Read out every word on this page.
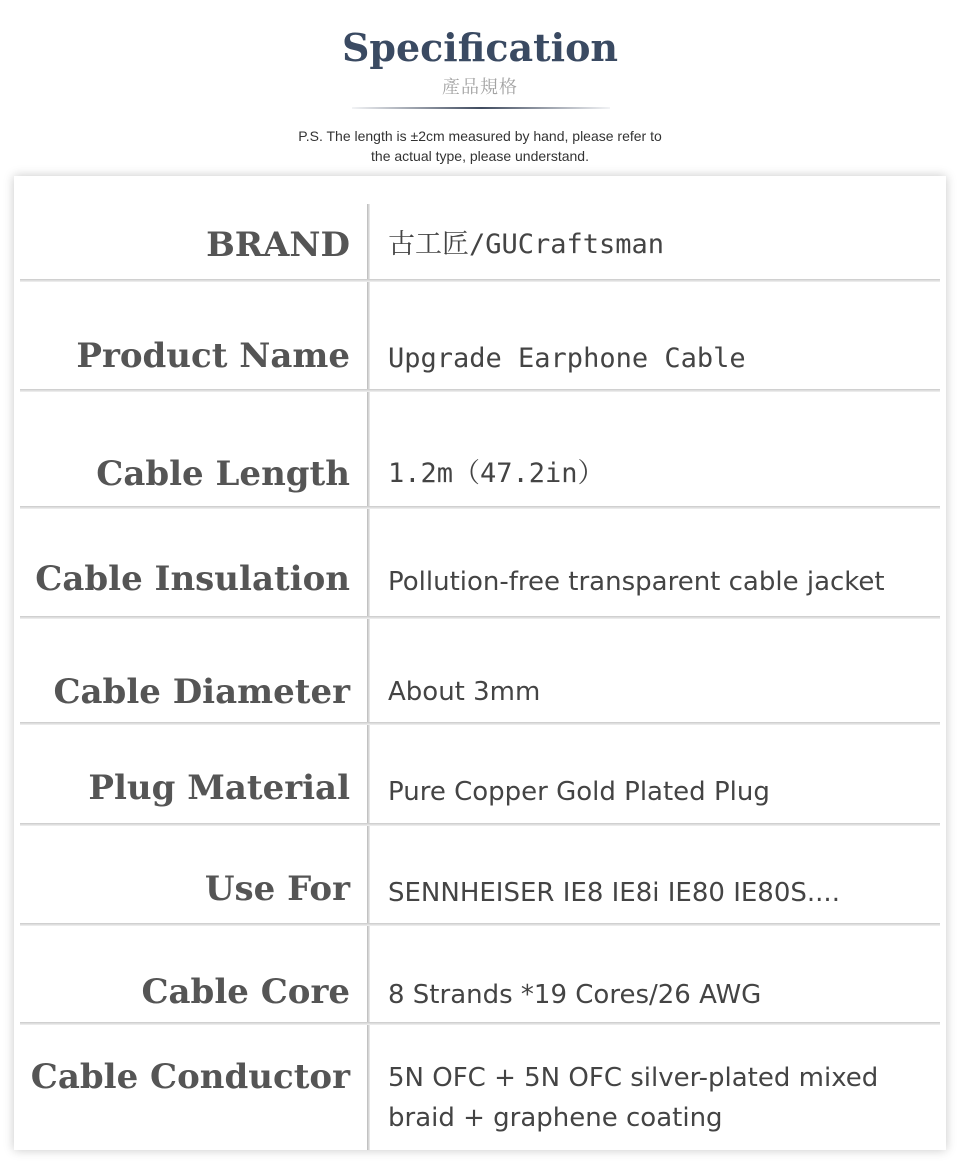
Specification
產品規格
P.S. The length is ±2cm measured by hand, please refer to
the actual type, please understand.
BRAND 古工匠/GUCraftsman
Product Name Upgrade Earphone Cable
Cable Length 1.2m（47.2in）
Cable Insulation Pollution-free transparent cable jacket
Cable Diameter About 3mm
Plug Material Pure Copper Gold Plated Plug
Use For SENNHEISER IE8 IE8i IE80 IE80S....
Cable Core 8 Strands *19 Cores/26 AWG
Cable Conductor 5N OFC + 5N OFC silver-plated mixed
braid + graphene coating
